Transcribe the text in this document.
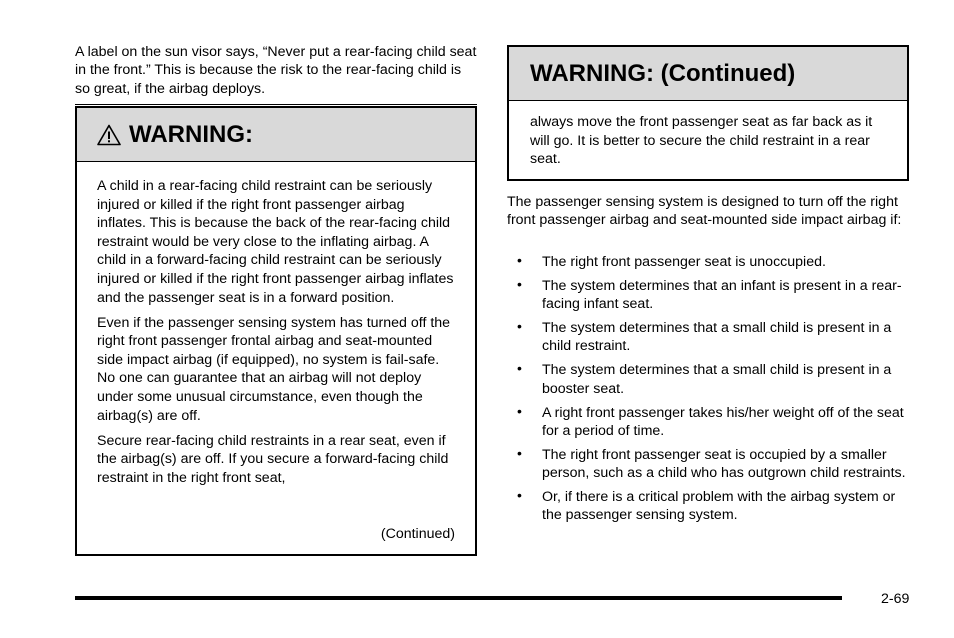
A label on the sun visor says, “Never put a rear-facing child seat in the front.” This is because the risk to the rear-facing child is so great, if the airbag deploys.

WARNING:

A child in a rear-facing child restraint can be seriously injured or killed if the right front passenger airbag inflates. This is because the back of the rear-facing child restraint would be very close to the inflating airbag. A child in a forward-facing child restraint can be seriously injured or killed if the right front passenger airbag inflates and the passenger seat is in a forward position.

Even if the passenger sensing system has turned off the right front passenger frontal airbag and seat-mounted side impact airbag (if equipped), no system is fail-safe. No one can guarantee that an airbag will not deploy under some unusual circumstance, even though the airbag(s) are off.

Secure rear-facing child restraints in a rear seat, even if the airbag(s) are off. If you secure a forward-facing child restraint in the right front seat,

(Continued)
WARNING: (Continued)

always move the front passenger seat as far back as it will go. It is better to secure the child restraint in a rear seat.

The passenger sensing system is designed to turn off the right front passenger airbag and seat-mounted side impact airbag if:

• The right front passenger seat is unoccupied.
• The system determines that an infant is present in a rear-facing infant seat.
• The system determines that a small child is present in a child restraint.
• The system determines that a small child is present in a booster seat.
• A right front passenger takes his/her weight off of the seat for a period of time.
• The right front passenger seat is occupied by a smaller person, such as a child who has outgrown child restraints.
• Or, if there is a critical problem with the airbag system or the passenger sensing system.
2-69
